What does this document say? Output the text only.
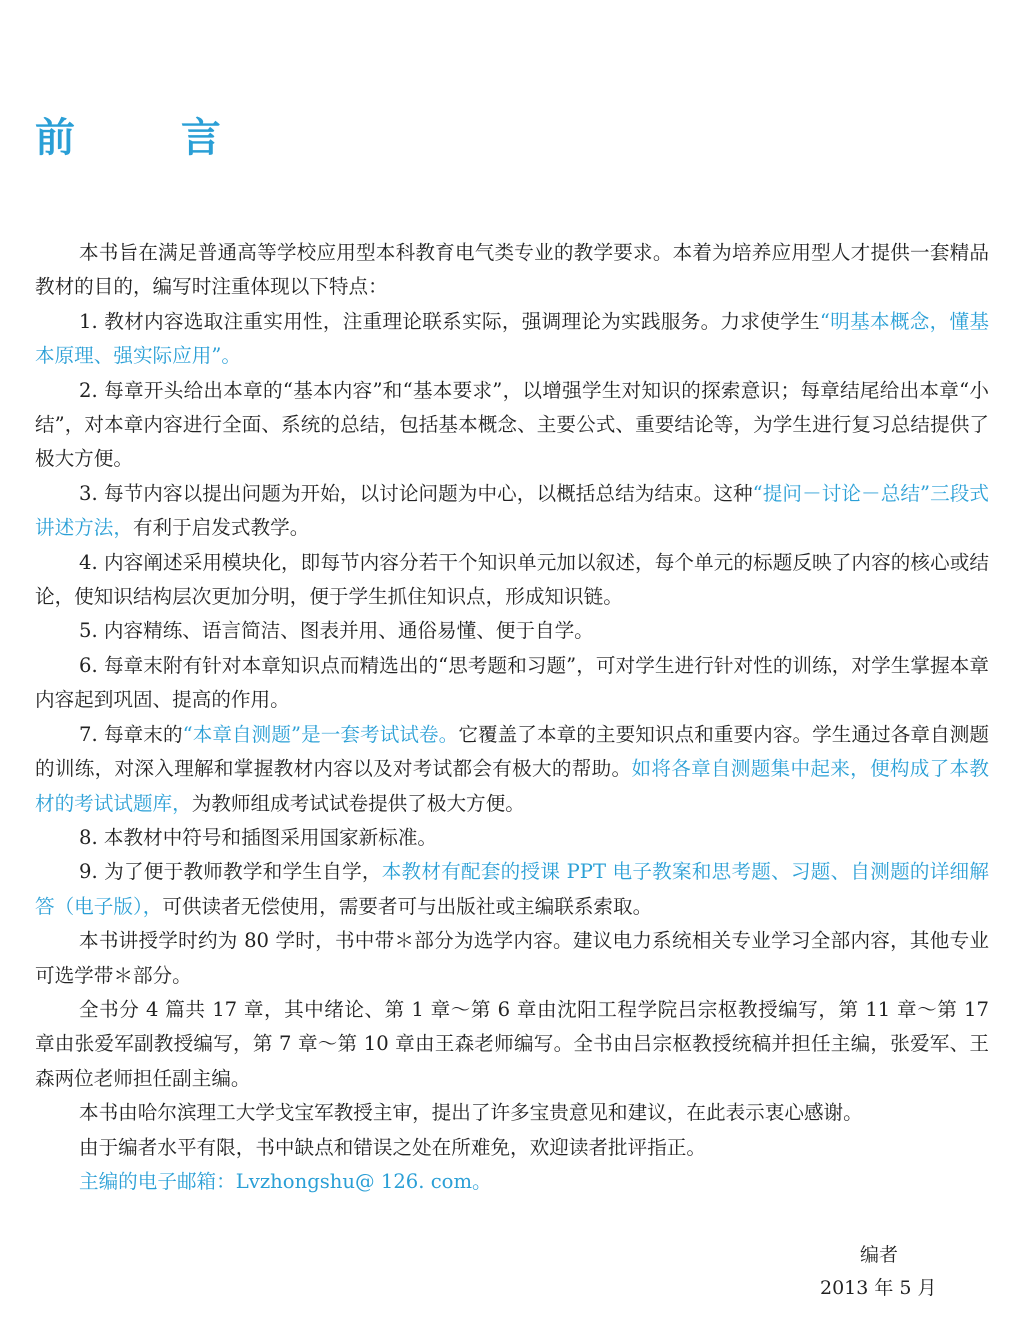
前 言

本书旨在满足普通高等学校应用型本科教育电气类专业的教学要求。本着为培养应用型人才提供一套精品教材的目的，编写时注重体现以下特点：

1. 教材内容选取注重实用性，注重理论联系实际，强调理论为实践服务。力求使学生“明基本概念，懂基本原理、强实际应用”。

2. 每章开头给出本章的“基本内容”和“基本要求”，以增强学生对知识的探索意识；每章结尾给出本章“小结”，对本章内容进行全面、系统的总结，包括基本概念、主要公式、重要结论等，为学生进行复习总结提供了极大方便。

3. 每节内容以提出问题为开始，以讨论问题为中心，以概括总结为结束。这种“提问－讨论－总结”三段式讲述方法，有利于启发式教学。

4. 内容阐述采用模块化，即每节内容分若干个知识单元加以叙述，每个单元的标题反映了内容的核心或结论，使知识结构层次更加分明，便于学生抓住知识点，形成知识链。

5. 内容精练、语言简洁、图表并用、通俗易懂、便于自学。

6. 每章末附有针对本章知识点而精选出的“思考题和习题”，可对学生进行针对性的训练，对学生掌握本章内容起到巩固、提高的作用。

7. 每章末的“本章自测题”是一套考试试卷。它覆盖了本章的主要知识点和重要内容。学生通过各章自测题的训练，对深入理解和掌握教材内容以及对考试都会有极大的帮助。如将各章自测题集中起来，便构成了本教材的考试试题库，为教师组成考试试卷提供了极大方便。

8. 本教材中符号和插图采用国家新标准。

9. 为了便于教师教学和学生自学，本教材有配套的授课 PPT 电子教案和思考题、习题、自测题的详细解答（电子版），可供读者无偿使用，需要者可与出版社或主编联系索取。

本书讲授学时约为 80 学时，书中带＊部分为选学内容。建议电力系统相关专业学习全部内容，其他专业可选学带＊部分。

全书分 4 篇共 17 章，其中绪论、第 1 章～第 6 章由沈阳工程学院吕宗枢教授编写，第 11 章～第 17 章由张爱军副教授编写，第 7 章～第 10 章由王森老师编写。全书由吕宗枢教授统稿并担任主编，张爱军、王森两位老师担任副主编。

本书由哈尔滨理工大学戈宝军教授主审，提出了许多宝贵意见和建议，在此表示衷心感谢。

由于编者水平有限，书中缺点和错误之处在所难免，欢迎读者批评指正。

主编的电子邮箱：Lvzhongshu@ 126. com。

编者

2013 年 5 月
